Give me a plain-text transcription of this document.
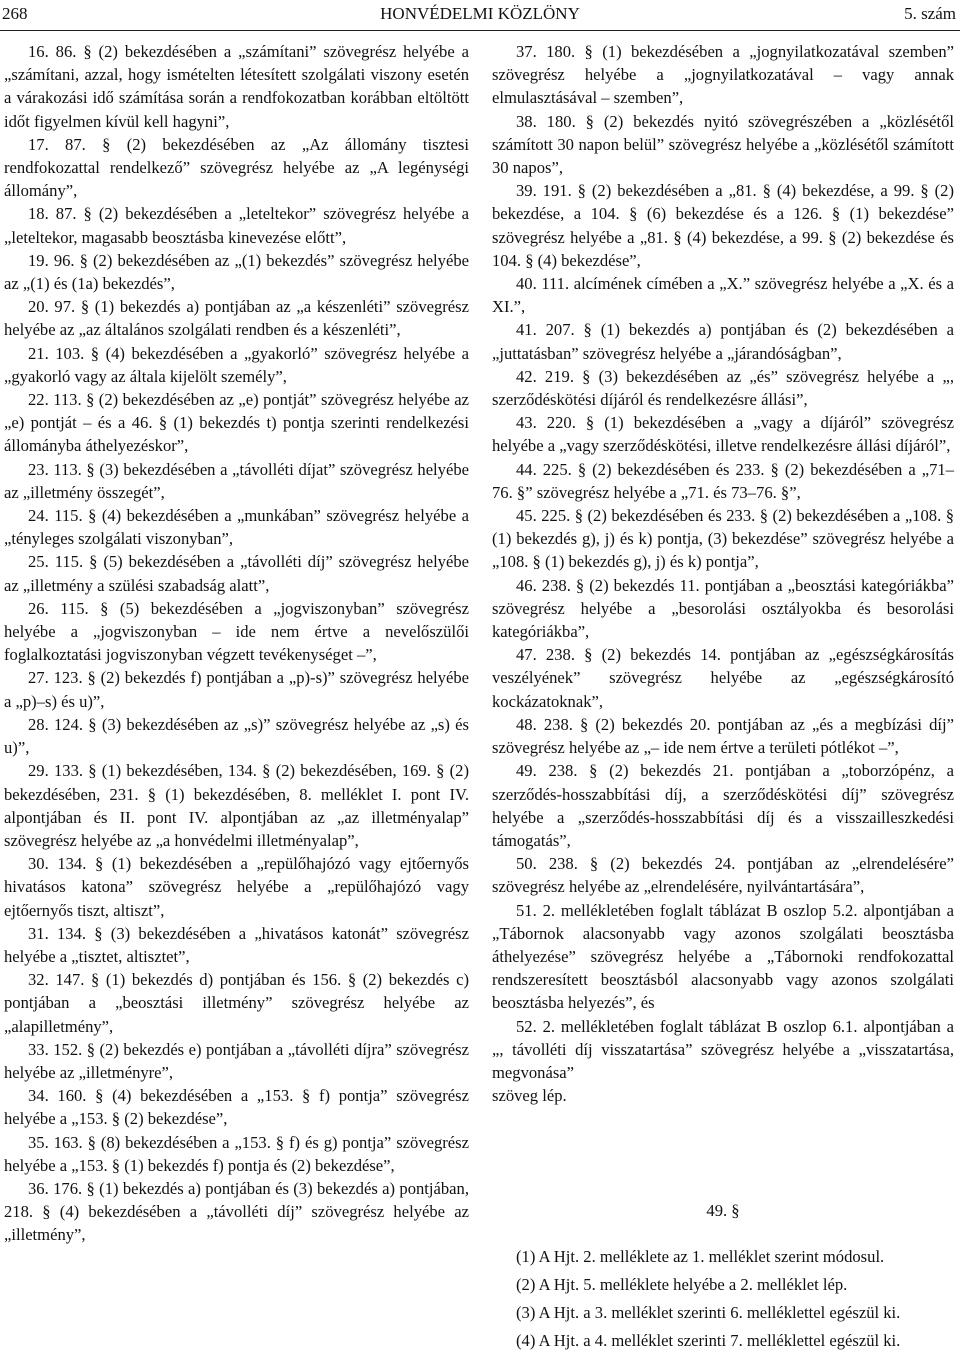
268	HONVÉDELMI KÖZLÖNY	5. szám

16. 86. § (2) bekezdésében a „számítani” szövegrész helyébe a „számítani, azzal, hogy ismételten létesített szolgálati viszony esetén a várakozási idő számítása során a rendfokozatban korábban eltöltött időt figyelmen kívül kell hagyni”,

17. 87. § (2) bekezdésében az „Az állomány tisztesi rendfokozattal rendelkező” szövegrész helyébe az „A legénységi állomány”,

18. 87. § (2) bekezdésében a „leteltekor” szövegrész helyébe a „leteltekor, magasabb beosztásba kinevezése előtt”,

19. 96. § (2) bekezdésében az „(1) bekezdés” szövegrész helyébe az „(1) és (1a) bekezdés”,

20. 97. § (1) bekezdés a) pontjában az „a készenléti” szövegrész helyébe az „az általános szolgálati rendben és a készenléti”,

21. 103. § (4) bekezdésében a „gyakorló” szövegrész helyébe a „gyakorló vagy az általa kijelölt személy”,

22. 113. § (2) bekezdésében az „e) pontját” szövegrész helyébe az „e) pontját – és a 46. § (1) bekezdés t) pontja szerinti rendelkezési állományba áthelyezéskor”,

23. 113. § (3) bekezdésében a „távolléti díjat” szövegrész helyébe az „illetmény összegét”,

24. 115. § (4) bekezdésében a „munkában” szövegrész helyébe a „tényleges szolgálati viszonyban”,

25. 115. § (5) bekezdésében a „távolléti díj” szövegrész helyébe az „illetmény a szülési szabadság alatt”,

26. 115. § (5) bekezdésében a „jogviszonyban” szövegrész helyébe a „jogviszonyban – ide nem értve a nevelőszülői foglalkoztatási jogviszonyban végzett tevékenységet –”,

27. 123. § (2) bekezdés f) pontjában a „p)-s)” szövegrész helyébe a „p)–s) és u)”,

28. 124. § (3) bekezdésében az „s)” szövegrész helyébe az „s) és u)”,

29. 133. § (1) bekezdésében, 134. § (2) bekezdésében, 169. § (2) bekezdésében, 231. § (1) bekezdésében, 8. melléklet I. pont IV. alpontjában és II. pont IV. alpontjában az „az illetményalap” szövegrész helyébe az „a honvédelmi illetményalap”,

30. 134. § (1) bekezdésében a „repülőhajózó vagy ejtőernyős hivatásos katona” szövegrész helyébe a „repülőhajózó vagy ejtőernyős tiszt, altiszt”,

31. 134. § (3) bekezdésében a „hivatásos katonát” szövegrész helyébe a „tisztet, altisztet”,

32. 147. § (1) bekezdés d) pontjában és 156. § (2) bekezdés c) pontjában a „beosztási illetmény” szövegrész helyébe az „alapilletmény”,

33. 152. § (2) bekezdés e) pontjában a „távolléti díjra” szövegrész helyébe az „illetményre”,

34. 160. § (4) bekezdésében a „153. § f) pontja” szövegrész helyébe a „153. § (2) bekezdése”,

35. 163. § (8) bekezdésében a „153. § f) és g) pontja” szövegrész helyébe a „153. § (1) bekezdés f) pontja és (2) bekezdése”,

36. 176. § (1) bekezdés a) pontjában és (3) bekezdés a) pontjában, 218. § (4) bekezdésében a „távolléti díj” szövegrész helyébe az „illetmény”,

37. 180. § (1) bekezdésében a „jognyilatkozatával szemben” szövegrész helyébe a „jognyilatkozatával – vagy annak elmulasztásával – szemben”,

38. 180. § (2) bekezdés nyitó szövegrészében a „közlésétől számított 30 napon belül” szövegrész helyébe a „közlésétől számított 30 napos”,

39. 191. § (2) bekezdésében a „81. § (4) bekezdése, a 99. § (2) bekezdése, a 104. § (6) bekezdése és a 126. § (1) bekezdése” szövegrész helyébe a „81. § (4) bekezdése, a 99. § (2) bekezdése és 104. § (4) bekezdése”,

40. 111. alcímének címében a „X.” szövegrész helyébe a „X. és a XI.”,

41. 207. § (1) bekezdés a) pontjában és (2) bekezdésében a „juttatásban” szövegrész helyébe a „járandóságban”,

42. 219. § (3) bekezdésében az „és” szövegrész helyébe a „, szerződéskötési díjáról és rendelkezésre állási”,

43. 220. § (1) bekezdésében a „vagy a díjáról” szövegrész helyébe a „vagy szerződéskötési, illetve rendelkezésre állási díjáról”,

44. 225. § (2) bekezdésében és 233. § (2) bekezdésében a „71–76. §” szövegrész helyébe a „71. és 73–76. §”,

45. 225. § (2) bekezdésében és 233. § (2) bekezdésében a „108. § (1) bekezdés g), j) és k) pontja, (3) bekezdése” szövegrész helyébe a „108. § (1) bekezdés g), j) és k) pontja”,

46. 238. § (2) bekezdés 11. pontjában a „beosztási kategóriákba” szövegrész helyébe a „besorolási osztályokba és besorolási kategóriákba”,

47. 238. § (2) bekezdés 14. pontjában az „egészségkárosítás veszélyének” szövegrész helyébe az „egészségkárosító kockázatoknak”,

48. 238. § (2) bekezdés 20. pontjában az „és a megbízási díj” szövegrész helyébe az „– ide nem értve a területi pótlékot –”,

49. 238. § (2) bekezdés 21. pontjában a „toborzópénz, a szerződés-hosszabbítási díj, a szerződéskötési díj” szövegrész helyébe a „szerződés-hosszabbítási díj és a visszailleszkedési támogatás”,

50. 238. § (2) bekezdés 24. pontjában az „elrendelésére” szövegrész helyébe az „elrendelésére, nyilvántartására”,

51. 2. mellékletében foglalt táblázat B oszlop 5.2. alpontjában a „Tábornok alacsonyabb vagy azonos szolgálati beosztásba áthelyezése” szövegrész helyébe a „Tábornoki rendfokozattal rendszeresített beosztásból alacsonyabb vagy azonos szolgálati beosztásba helyezés”, és

52. 2. mellékletében foglalt táblázat B oszlop 6.1. alpontjában a „, távolléti díj visszatartása” szövegrész helyébe a „visszatartása, megvonása”

szöveg lép.

49. §

(1) A Hjt. 2. melléklete az 1. melléklet szerint módosul.

(2) A Hjt. 5. melléklete helyébe a 2. melléklet lép.

(3) A Hjt. a 3. melléklet szerinti 6. melléklettel egészül ki.

(4) A Hjt. a 4. melléklet szerinti 7. melléklettel egészül ki.
